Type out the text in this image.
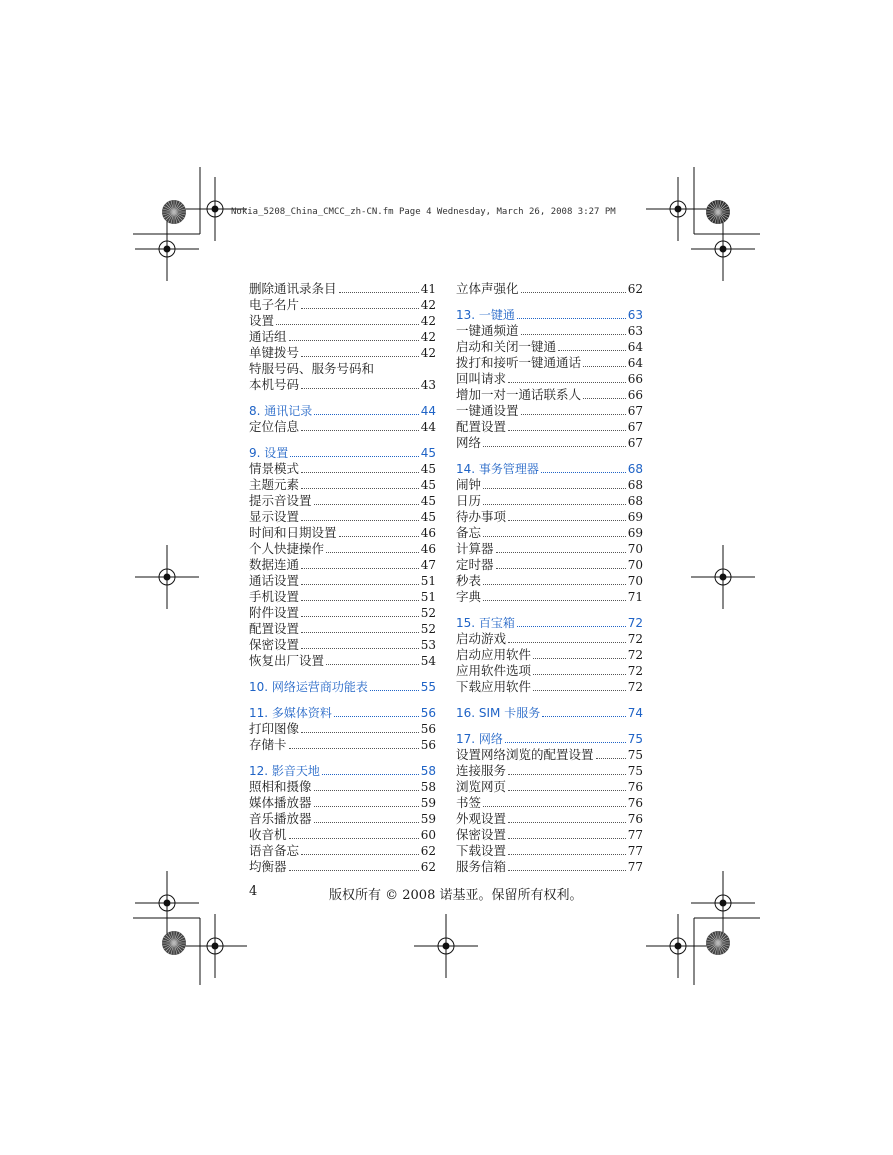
Nokia_5208_China_CMCC_zh-CN.fm Page 4 Wednesday, March 26, 2008 3:27 PM
删除通讯录条目	41
电子名片	42
设置	42
通话组	42
单键拨号	42
特服号码、服务号码和
本机号码	43
8. 通讯记录	44
定位信息	44
9. 设置	45
情景模式	45
主题元素	45
提示音设置	45
显示设置	45
时间和日期设置	46
个人快捷操作	46
数据连通	47
通话设置	51
手机设置	51
附件设置	52
配置设置	52
保密设置	53
恢复出厂设置	54
10. 网络运营商功能表	55
11. 多媒体资料	56
打印图像	56
存储卡	56
12. 影音天地	58
照相和摄像	58
媒体播放器	59
音乐播放器	59
收音机	60
语音备忘	62
均衡器	62
立体声强化	62
13. 一键通	63
一键通频道	63
启动和关闭一键通	64
拨打和接听一键通通话	64
回叫请求	66
增加一对一通话联系人	66
一键通设置	67
配置设置	67
网络	67
14. 事务管理器	68
闹钟	68
日历	68
待办事项	69
备忘	69
计算器	70
定时器	70
秒表	70
字典	71
15. 百宝箱	72
启动游戏	72
启动应用软件	72
应用软件选项	72
下载应用软件	72
16. SIM 卡服务	74
17. 网络	75
设置网络浏览的配置设置	75
连接服务	75
浏览网页	76
书签	76
外观设置	76
保密设置	77
下载设置	77
服务信箱	77
4	版权所有 © 2008 诺基亚。保留所有权利。
